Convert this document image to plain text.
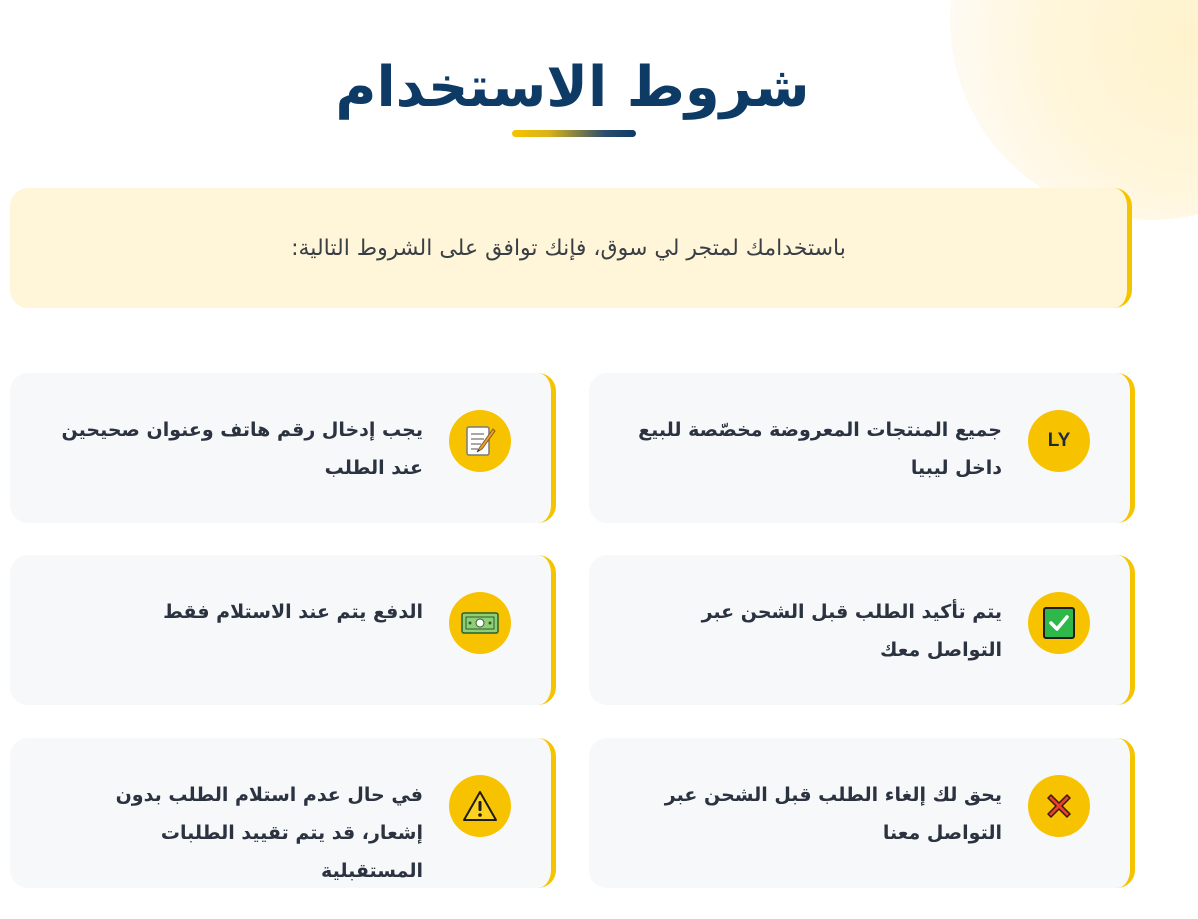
شروط الاستخدام
باستخدامك لمتجر لي سوق، فإنك توافق على الشروط التالية:
LY
جميع المنتجات المعروضة مخصّصة للبيع داخل ليبيا
يجب إدخال رقم هاتف وعنوان صحيحين عند الطلب
يتم تأكيد الطلب قبل الشحن عبر التواصل معك
الدفع يتم عند الاستلام فقط
يحق لك إلغاء الطلب قبل الشحن عبر التواصل معنا
في حال عدم استلام الطلب بدون إشعار، قد يتم تقييد الطلبات المستقبلية
